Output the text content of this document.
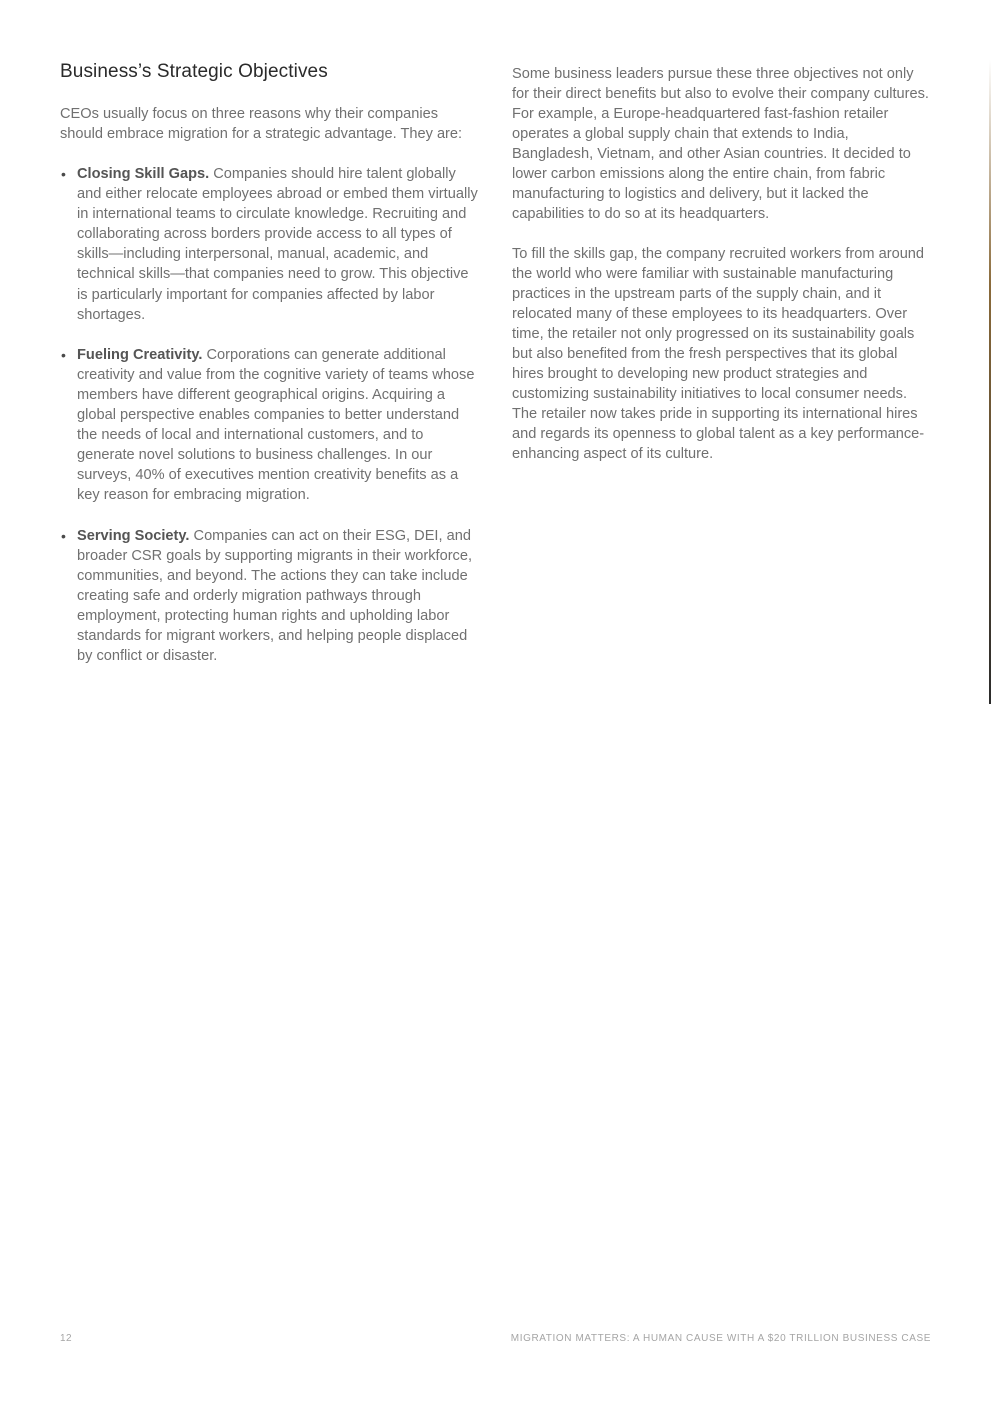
Business’s Strategic Objectives

CEOs usually focus on three reasons why their companies should embrace migration for a strategic advantage. They are:

• Closing Skill Gaps. Companies should hire talent globally and either relocate employees abroad or embed them virtually in international teams to circulate knowledge. Recruiting and collaborating across borders provide access to all types of skills—including interpersonal, manual, academic, and technical skills—that companies need to grow. This objective is particularly important for companies affected by labor shortages.
• Fueling Creativity. Corporations can generate additional creativity and value from the cognitive variety of teams whose members have different geographical origins. Acquiring a global perspective enables companies to better understand the needs of local and international customers, and to generate novel solutions to business challenges. In our surveys, 40% of executives mention creativity benefits as a key reason for embracing migration.
• Serving Society. Companies can act on their ESG, DEI, and broader CSR goals by supporting migrants in their workforce, communities, and beyond. The actions they can take include creating safe and orderly migration pathways through employment, protecting human rights and upholding labor standards for migrant workers, and helping people displaced by conflict or disaster.

Some business leaders pursue these three objectives not only for their direct benefits but also to evolve their company cultures. For example, a Europe-headquartered fast-fashion retailer operates a global supply chain that extends to India, Bangladesh, Vietnam, and other Asian countries. It decided to lower carbon emissions along the entire chain, from fabric manufacturing to logistics and delivery, but it lacked the capabilities to do so at its headquarters.

To fill the skills gap, the company recruited workers from around the world who were familiar with sustainable manufacturing practices in the upstream parts of the supply chain, and it relocated many of these employees to its headquarters. Over time, the retailer not only progressed on its sustainability goals but also benefited from the fresh perspectives that its global hires brought to developing new product strategies and customizing sustainability initiatives to local consumer needs. The retailer now takes pride in supporting its international hires and regards its openness to global talent as a key performance-enhancing aspect of its culture.

12	MIGRATION MATTERS: A HUMAN CAUSE WITH A $20 TRILLION BUSINESS CASE
